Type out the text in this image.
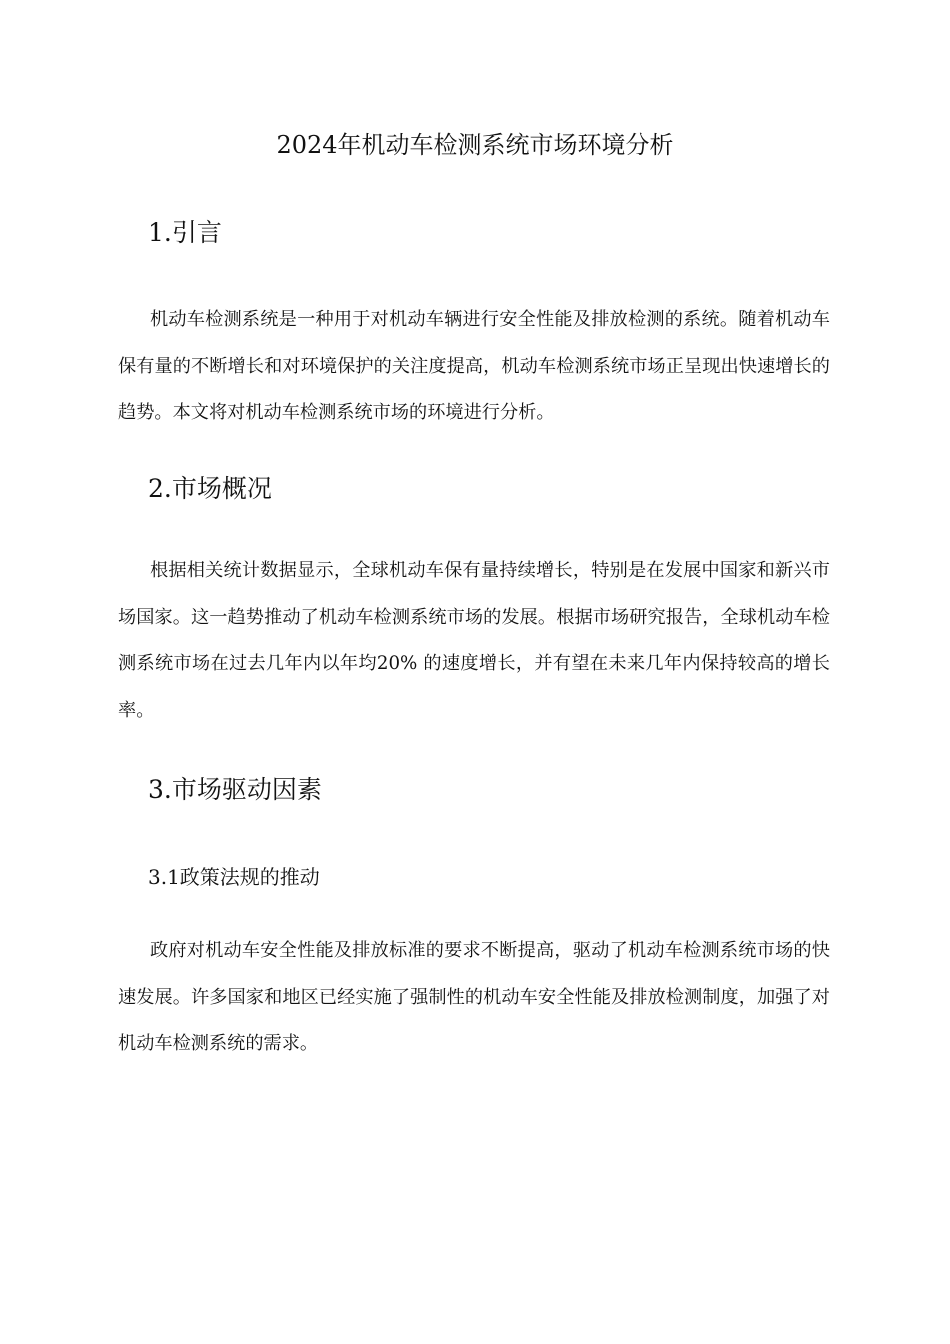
2024年机动车检测系统市场环境分析
1.引言

机动车检测系统是一种用于对机动车辆进行安全性能及排放检测的系统。随着机动车保有量的不断增长和对环境保护的关注度提高，机动车检测系统市场正呈现出快速增长的趋势。本文将对机动车检测系统市场的环境进行分析。

2.市场概况

根据相关统计数据显示，全球机动车保有量持续增长，特别是在发展中国家和新兴市场国家。这一趋势推动了机动车检测系统市场的发展。根据市场研究报告，全球机动车检测系统市场在过去几年内以年均20% 的速度增长，并有望在未来几年内保持较高的增长率。

3.市场驱动因素
3.1政策法规的推动

政府对机动车安全性能及排放标准的要求不断提高，驱动了机动车检测系统市场的快速发展。许多国家和地区已经实施了强制性的机动车安全性能及排放检测制度，加强了对机动车检测系统的需求。
